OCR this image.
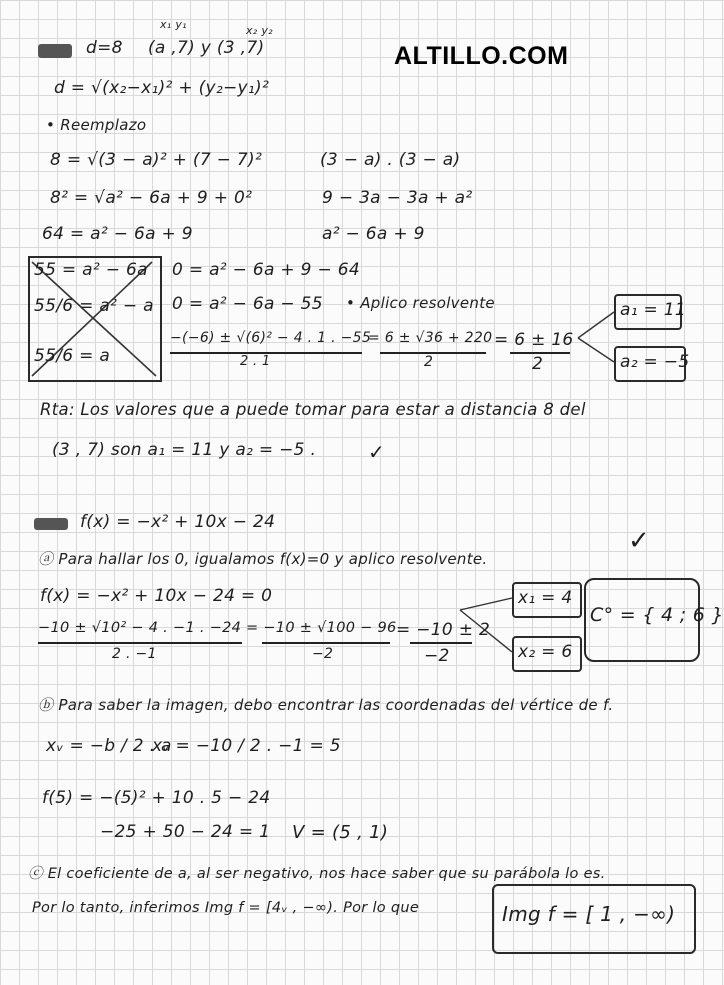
ALTILLO.COM
d=8
x₁ y₁	x₂ y₂
(a ,7) y (3 ,7)
d = √(x₂−x₁)² + (y₂−y₁)²
• Reemplazo
8 = √(3 − a)² + (7 − 7)²
8² = √a² − 6a + 9 + 0²
64 = a² − 6a + 9
(3 − a) . (3 − a)
9 − 3a − 3a + a²
a² − 6a + 9
55 = a² − 6a
55/6 = a² − a
55/6 = a
0 = a² − 6a + 9 − 64
0 = a² − 6a − 55 • Aplico resolvente
−(−6) ± √(6)² − 4 . 1 . −55
2 . 1
= 6 ± √36 + 220
2
= 6 ± 16
2
a₁ = 11
a₂ = −5
Rta: Los valores que a puede tomar para estar a distancia 8 del
(3 , 7) son a₁ = 11 y a₂ = −5 .	✓
f(x) = −x² + 10x − 24
✓
ⓐ Para hallar los 0, igualamos f(x)=0 y aplico resolvente.
f(x) = −x² + 10x − 24 = 0
−10 ± √10² − 4 . −1 . −24
2 . −1
= −10 ± √100 − 96
−2
= −10 ± 2
−2
x₁ = 4
x₂ = 6
C° = { 4 ; 6 }
ⓑ Para saber la imagen, debo encontrar las coordenadas del vértice de f.
xᵥ = −b / 2 . a
xᵥ = −10 / 2 . −1 = 5
f(5) = −(5)² + 10 . 5 − 24
−25 + 50 − 24 = 1 V = (5 , 1)
ⓒ El coeficiente de a, al ser negativo, nos hace saber que su parábola lo es.
Por lo tanto, inferimos Img f = [4ᵥ , −∞). Por lo que	Img f = [ 1 , −∞)
